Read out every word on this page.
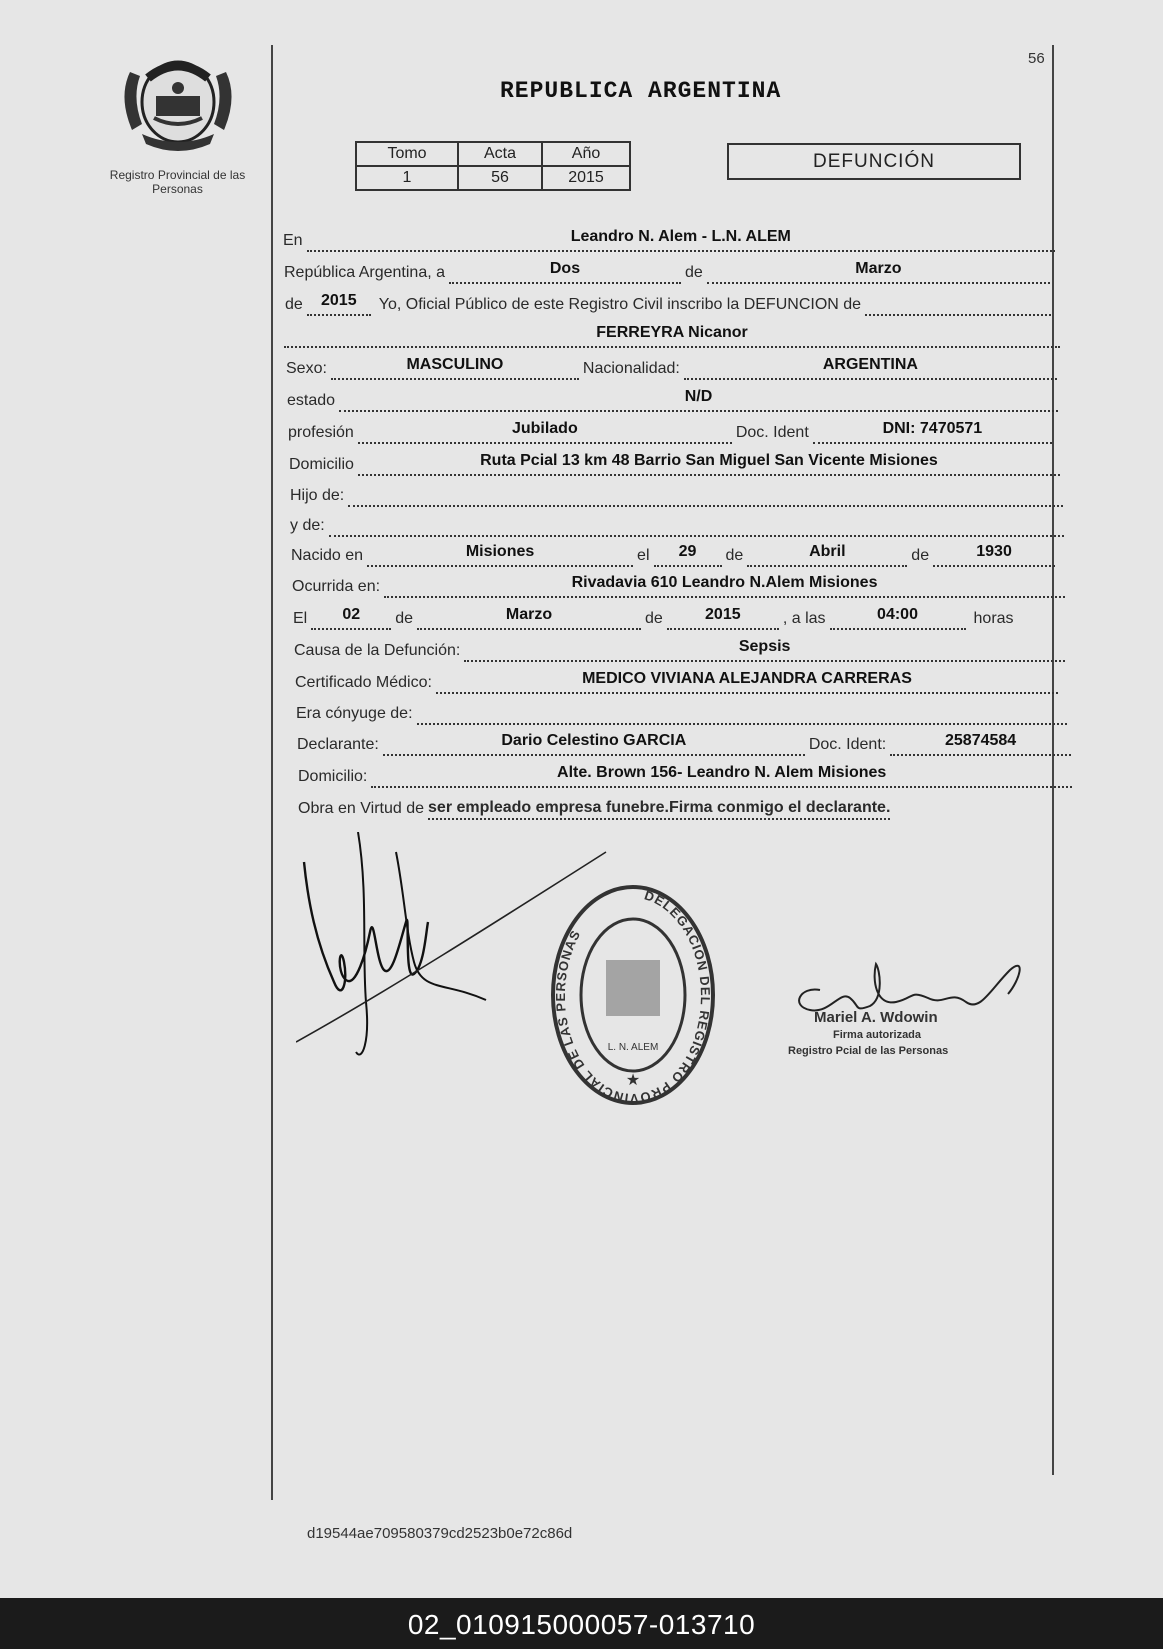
Registro Provincial de las Personas
56
REPUBLICA ARGENTINA
Tomo	Acta	Año
1	56	2015
DEFUNCIÓN
En	Leandro N. Alem - L.N. ALEM
República Argentina, a	Dos	de	Marzo
de 2015 Yo, Oficial Público de este Registro Civil inscribo la DEFUNCION de
FERREYRA Nicanor
Sexo:	MASCULINO	Nacionalidad:	ARGENTINA
estado	N/D
profesión	Jubilado	Doc. Ident	DNI: 7470571
Domicilio	Ruta Pcial 13 km 48 Barrio San Miguel San Vicente Misiones
Hijo de:
y de:
Nacido en	Misiones	el 29 de	Abril	de	1930
Ocurrida en:	Rivadavia 610 Leandro N.Alem Misiones
El 02 de	Marzo	de	2015	, a las	04:00	horas
Causa de la Defunción:	Sepsis
Certificado Médico:	MEDICO VIVIANA ALEJANDRA CARRERAS
Era cónyuge de:
Declarante:	Dario Celestino GARCIA	Doc. Ident:	25874584
Domicilio:	Alte. Brown 156- Leandro N. Alem Misiones
Obra en Virtud de ser empleado empresa funebre.Firma conmigo el declarante.
DELEGACION DEL REGISTRO PROVINCIAL DE LAS PERSONAS
L. N. ALEM
★
Mariel A. Wdowin
Firma autorizada
Registro Pcial de las Personas
d19544ae709580379cd2523b0e72c86d
02_010915000057-013710
